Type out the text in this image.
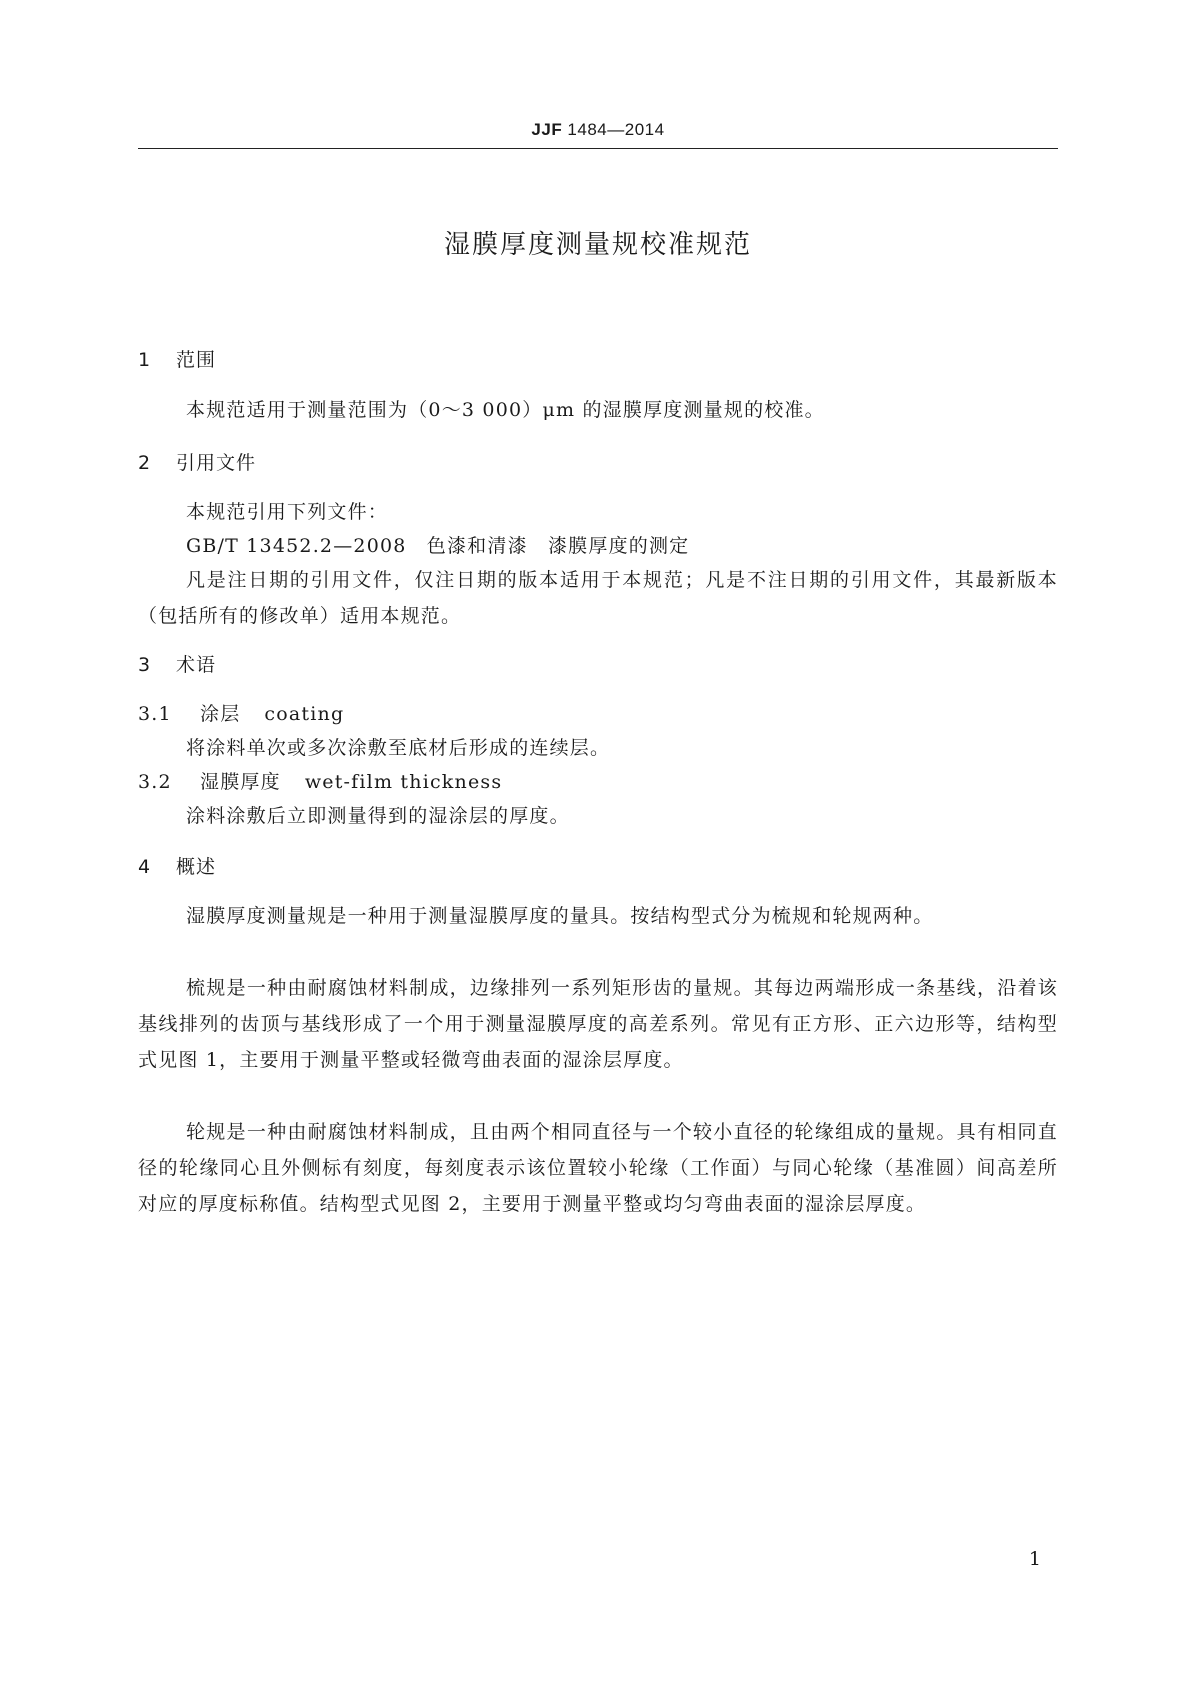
JJF 1484—2014
湿膜厚度测量规校准规范
1 范围
本规范适用于测量范围为（0～3 000）μm 的湿膜厚度测量规的校准。
2 引用文件
本规范引用下列文件：
GB/T 13452.2—2008　色漆和清漆　漆膜厚度的测定
凡是注日期的引用文件，仅注日期的版本适用于本规范；凡是不注日期的引用文件，其最新版本（包括所有的修改单）适用本规范。
3 术语
3.1 涂层 coating
将涂料单次或多次涂敷至底材后形成的连续层。
3.2 湿膜厚度 wet-film thickness
涂料涂敷后立即测量得到的湿涂层的厚度。
4 概述
湿膜厚度测量规是一种用于测量湿膜厚度的量具。按结构型式分为梳规和轮规两种。
梳规是一种由耐腐蚀材料制成，边缘排列一系列矩形齿的量规。其每边两端形成一条基线，沿着该基线排列的齿顶与基线形成了一个用于测量湿膜厚度的高差系列。常见有正方形、正六边形等，结构型式见图 1，主要用于测量平整或轻微弯曲表面的湿涂层厚度。
轮规是一种由耐腐蚀材料制成，且由两个相同直径与一个较小直径的轮缘组成的量规。具有相同直径的轮缘同心且外侧标有刻度，每刻度表示该位置较小轮缘（工作面）与同心轮缘（基准圆）间高差所对应的厚度标称值。结构型式见图 2，主要用于测量平整或均匀弯曲表面的湿涂层厚度。
1
